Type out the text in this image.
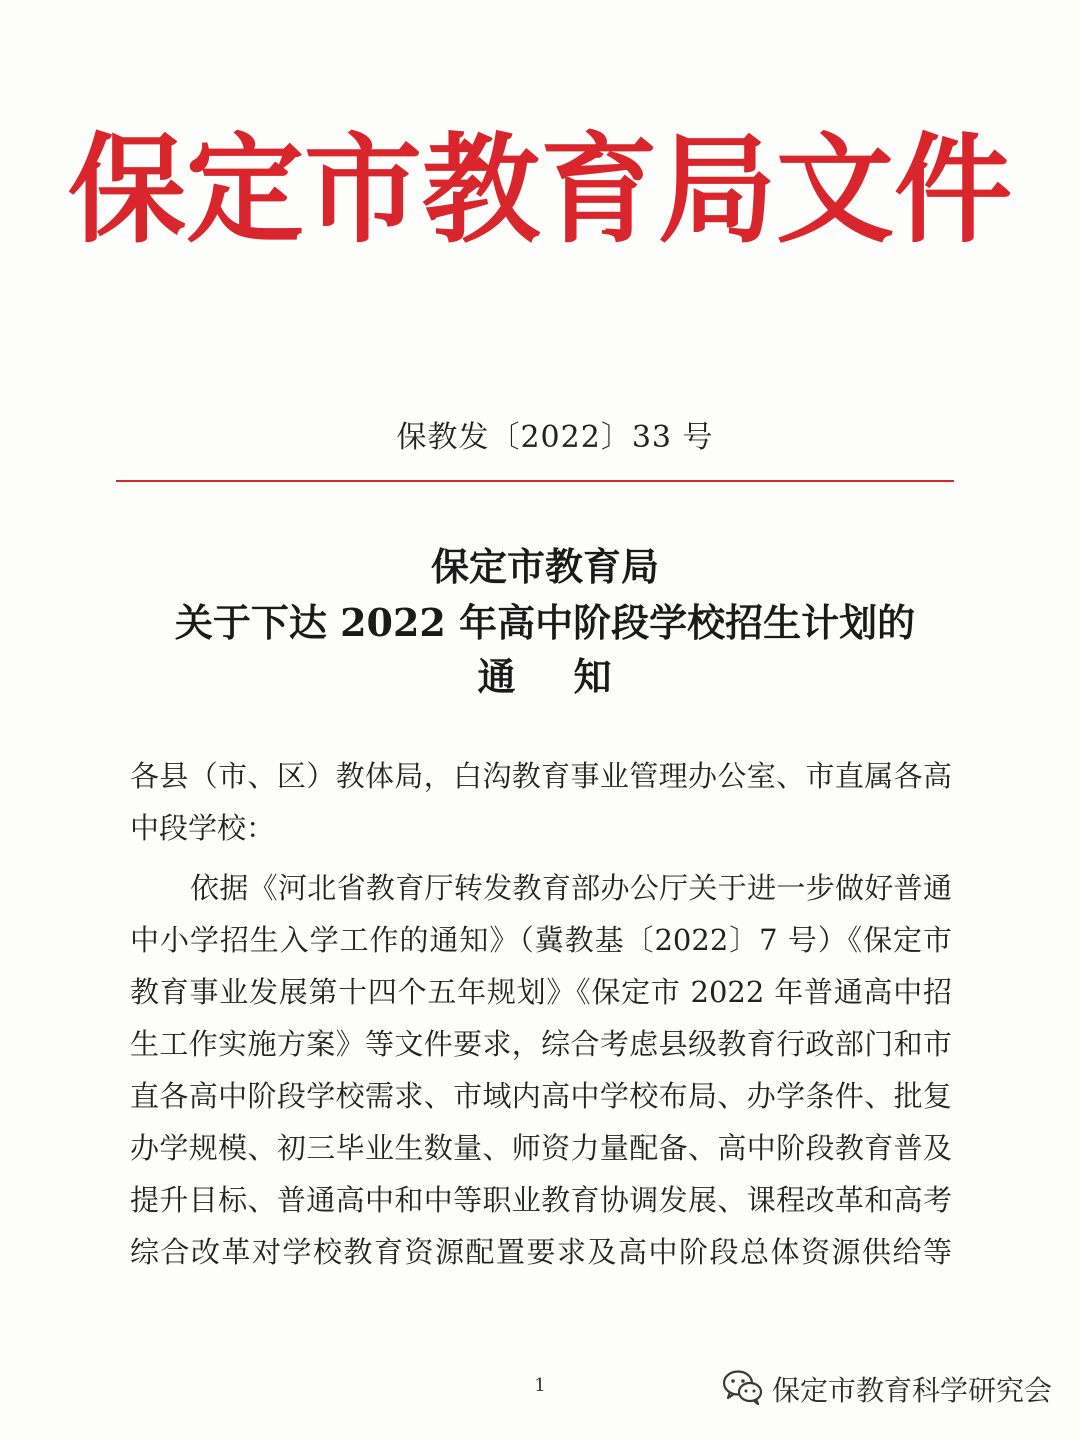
保定市教育局文件
保教发〔2022〕33 号
保定市教育局
关于下达 2022 年高中阶段学校招生计划的
通    知
各县（市、区）教体局，白沟教育事业管理办公室、市直属各高
中段学校：
依据《河北省教育厅转发教育部办公厅关于进一步做好普通
中小学招生入学工作的通知》（冀教基〔2022〕7 号）《保定市
教育事业发展第十四个五年规划》《保定市 2022 年普通高中招
生工作实施方案》等文件要求，综合考虑县级教育行政部门和市
直各高中阶段学校需求、市域内高中学校布局、办学条件、批复
办学规模、初三毕业生数量、师资力量配备、高中阶段教育普及
提升目标、普通高中和中等职业教育协调发展、课程改革和高考
综合改革对学校教育资源配置要求及高中阶段总体资源供给等
1	保定市教育科学研究会
